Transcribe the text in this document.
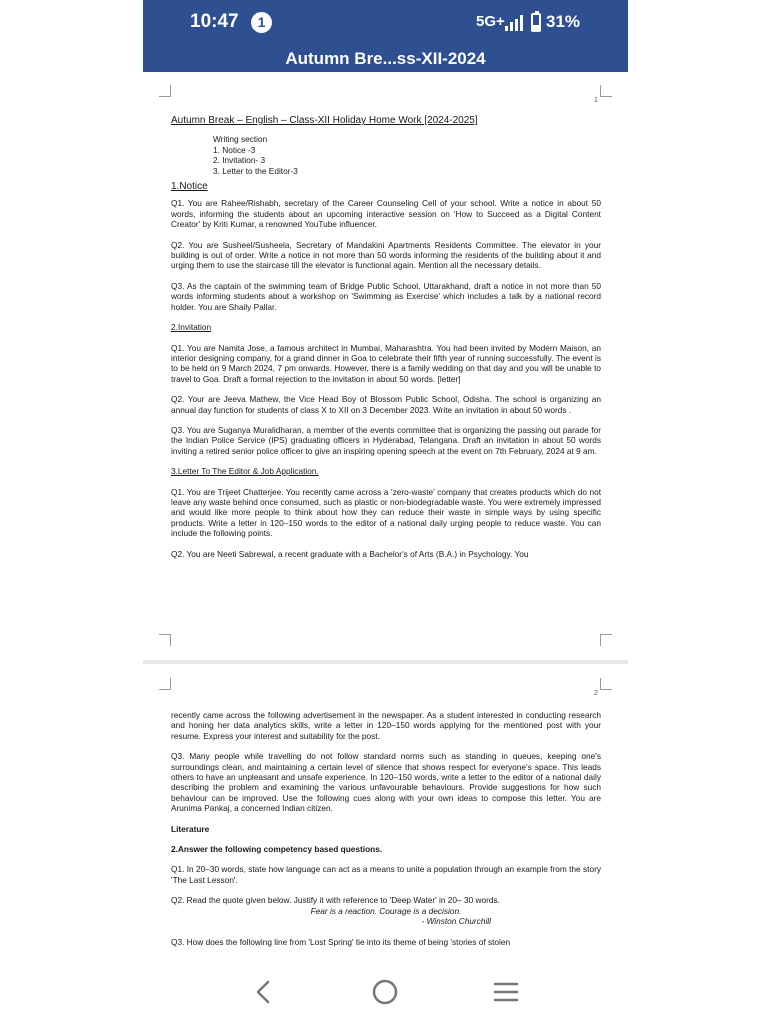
10:47	1	5G+ 31%
Autumn Bre...ss-XII-2024
1
Autumn Break – English – Class-XII Holiday Home Work [2024-2025]
Writing section
1. Notice -3
2. Invitation- 3
3. Letter to the Editor-3
1.Notice

Q1. You are Rahee/Rishabh, secretary of the Career Counseling Cell of your school. Write a notice in about 50 words, informing the students about an upcoming interactive session on 'How to Succeed as a Digital Content Creator' by Kriti Kumar, a renowned YouTube influencer.

Q2. You are Susheel/Susheela, Secretary of Mandakini Apartments Residents Committee. The elevator in your building is out of order. Write a notice in not more than 50 words informing the residents of the building about it and urging them to use the staircase till the elevator is functional again. Mention all the necessary details.

Q3. As the captain of the swimming team of Bridge Public School, Uttarakhand, draft a notice in not more than 50 words informing students about a workshop on 'Swimming as Exercise' which includes a talk by a national record holder. You are Shaily Pallar.

2.Invitation

Q1. You are Namita Jose, a famous architect in Mumbai, Maharashtra. You had been invited by Modern Maison, an interior designing company, for a grand dinner in Goa to celebrate their fifth year of running successfully. The event is to be held on 9 March 2024, 7 pm onwards. However, there is a family wedding on that day and you will be unable to travel to Goa. Draft a formal rejection to the invitation in about 50 words. [letter]

Q2. Your are Jeeva Mathew, the Vice Head Boy of Blossom Public School, Odisha. The school is organizing an annual day function for students of class X to XII on 3 December 2023. Write an invitation in about 50 words .

Q3. You are Suganya Muralidharan, a member of the events committee that is organizing the passing out parade for the Indian Police Service (IPS) graduating officers in Hyderabad, Telangana. Draft an invitation in about 50 words inviting a retired senior police officer to give an inspiring opening speech at the event on 7th February, 2024 at 9 am.

3.Letter To The Editor & Job Application.

Q1. You are Trijeet Chatterjee. You recently came across a 'zero-waste' company that creates products which do not leave any waste behind once consumed, such as plastic or non-biodegradable waste. You were extremely impressed and would like more people to think about how they can reduce their waste in simple ways by using specific products. Write a letter in 120–150 words to the editor of a national daily urging people to reduce waste. You can include the following points.

Q2. You are Neeti Sabrewal, a recent graduate with a Bachelor's of Arts (B.A.) in Psychology. You

2

recently came across the following advertisement in the newspaper. As a student interested in conducting research and honing her data analytics skills, write a letter in 120–150 words applying for the mentioned post with your resume. Express your interest and suitability for the post.

Q3. Many people while travelling do not follow standard norms such as standing in queues, keeping one's surroundings clean, and maintaining a certain level of silence that shows respect for everyone's space. This leads others to have an unpleasant and unsafe experience. In 120–150 words, write a letter to the editor of a national daily describing the problem and examining the various unfavourable behaviours. Provide suggestions for how such behaviour can be improved. Use the following cues along with your own ideas to compose this letter. You are Arunima Pankaj, a concerned Indian citizen.

Literature
2.Answer the following competency based questions.

Q1. In 20–30 words, state how language can act as a means to unite a population through an example from the story 'The Last Lesson'.

Q2. Read the quote given below. Justify it with reference to 'Deep Water' in 20– 30 words.

Fear is a reaction. Courage is a decision.
- Winston Churchill

Q3. How does the following line from 'Lost Spring' tie into its theme of being 'stories of stolen
